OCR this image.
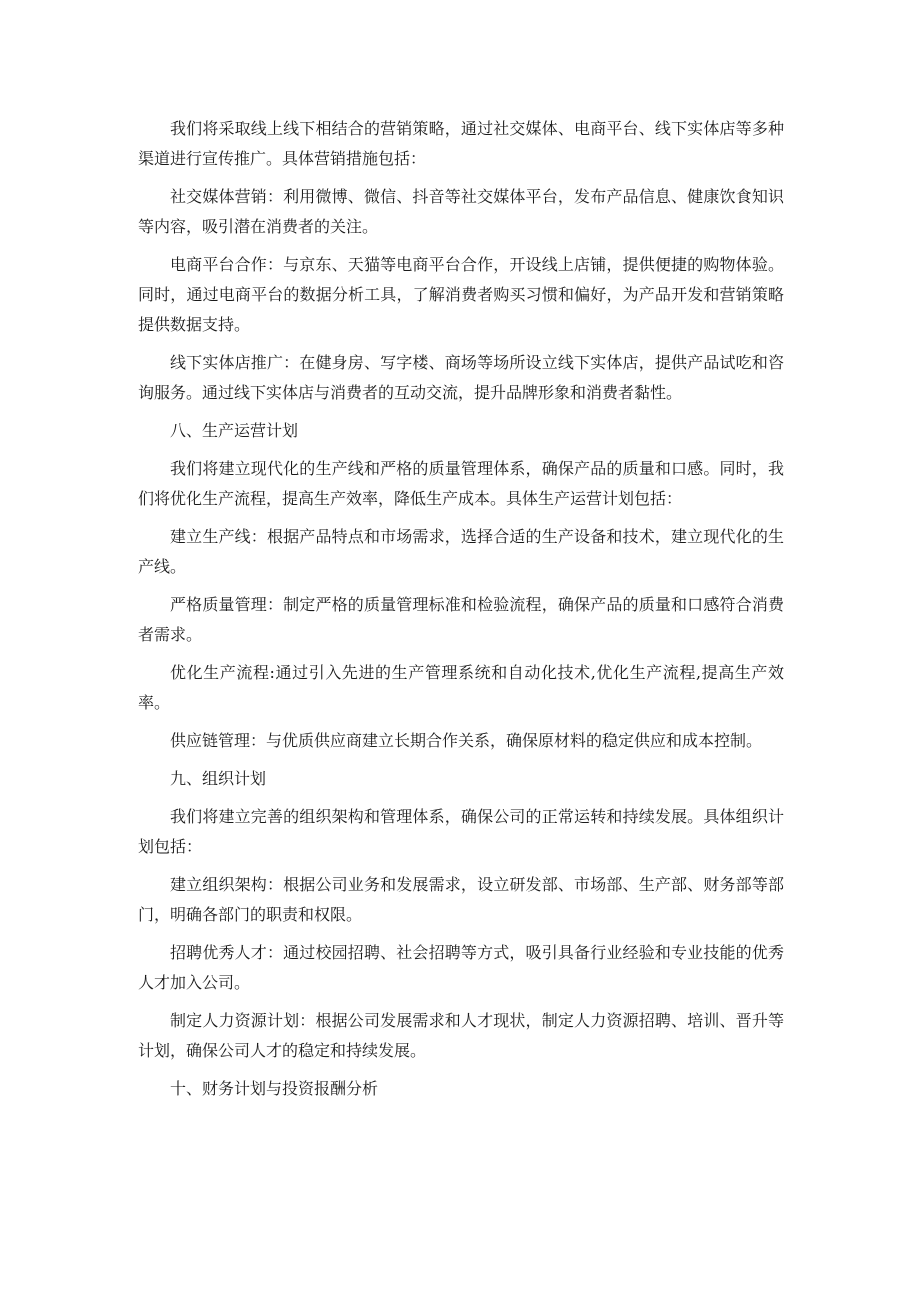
我们将采取线上线下相结合的营销策略，通过社交媒体、电商平台、线下实体店等多种渠道进行宣传推广。具体营销措施包括：

社交媒体营销：利用微博、微信、抖音等社交媒体平台，发布产品信息、健康饮食知识等内容，吸引潜在消费者的关注。

电商平台合作：与京东、天猫等电商平台合作，开设线上店铺，提供便捷的购物体验。同时，通过电商平台的数据分析工具，了解消费者购买习惯和偏好，为产品开发和营销策略提供数据支持。

线下实体店推广：在健身房、写字楼、商场等场所设立线下实体店，提供产品试吃和咨询服务。通过线下实体店与消费者的互动交流，提升品牌形象和消费者黏性。

八、生产运营计划

我们将建立现代化的生产线和严格的质量管理体系，确保产品的质量和口感。同时，我们将优化生产流程，提高生产效率，降低生产成本。具体生产运营计划包括：

建立生产线：根据产品特点和市场需求，选择合适的生产设备和技术，建立现代化的生产线。

严格质量管理：制定严格的质量管理标准和检验流程，确保产品的质量和口感符合消费者需求。

优化生产流程:通过引入先进的生产管理系统和自动化技术,优化生产流程,提高生产效率。

供应链管理：与优质供应商建立长期合作关系，确保原材料的稳定供应和成本控制。

九、组织计划

我们将建立完善的组织架构和管理体系，确保公司的正常运转和持续发展。具体组织计划包括：

建立组织架构：根据公司业务和发展需求，设立研发部、市场部、生产部、财务部等部门，明确各部门的职责和权限。

招聘优秀人才：通过校园招聘、社会招聘等方式，吸引具备行业经验和专业技能的优秀人才加入公司。

制定人力资源计划：根据公司发展需求和人才现状，制定人力资源招聘、培训、晋升等计划，确保公司人才的稳定和持续发展。

十、财务计划与投资报酬分析
